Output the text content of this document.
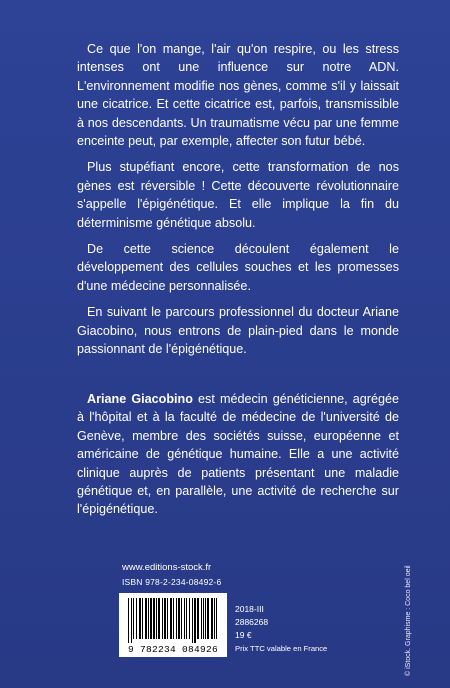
Ce que l'on mange, l'air qu'on respire, ou les stress intenses ont une influence sur notre ADN. L'environnement modifie nos gènes, comme s'il y laissait une cicatrice. Et cette cicatrice est, parfois, transmissible à nos descendants. Un traumatisme vécu par une femme enceinte peut, par exemple, affecter son futur bébé.

Plus stupéfiant encore, cette transformation de nos gènes est réversible ! Cette découverte révolutionnaire s'appelle l'épigénétique. Et elle implique la fin du déterminisme génétique absolu.

De cette science découlent également le développement des cellules souches et les promesses d'une médecine personnalisée.

En suivant le parcours professionnel du docteur Ariane Giacobino, nous entrons de plain-pied dans le monde passionnant de l'épigénétique.

Ariane Giacobino est médecin généticienne, agrégée à l'hôpital et à la faculté de médecine de l'université de Genève, membre des sociétés suisse, européenne et américaine de génétique humaine. Elle a une activité clinique auprès de patients présentant une maladie génétique et, en parallèle, une activité de recherche sur l'épigénétique.

www.editions-stock.fr
ISBN 978-2-234-08492-6
9 782234 084926
2018-III
2886268
19 €
Prix TTC valable en France	© iStock. Graphisme : Coco bel oeil
